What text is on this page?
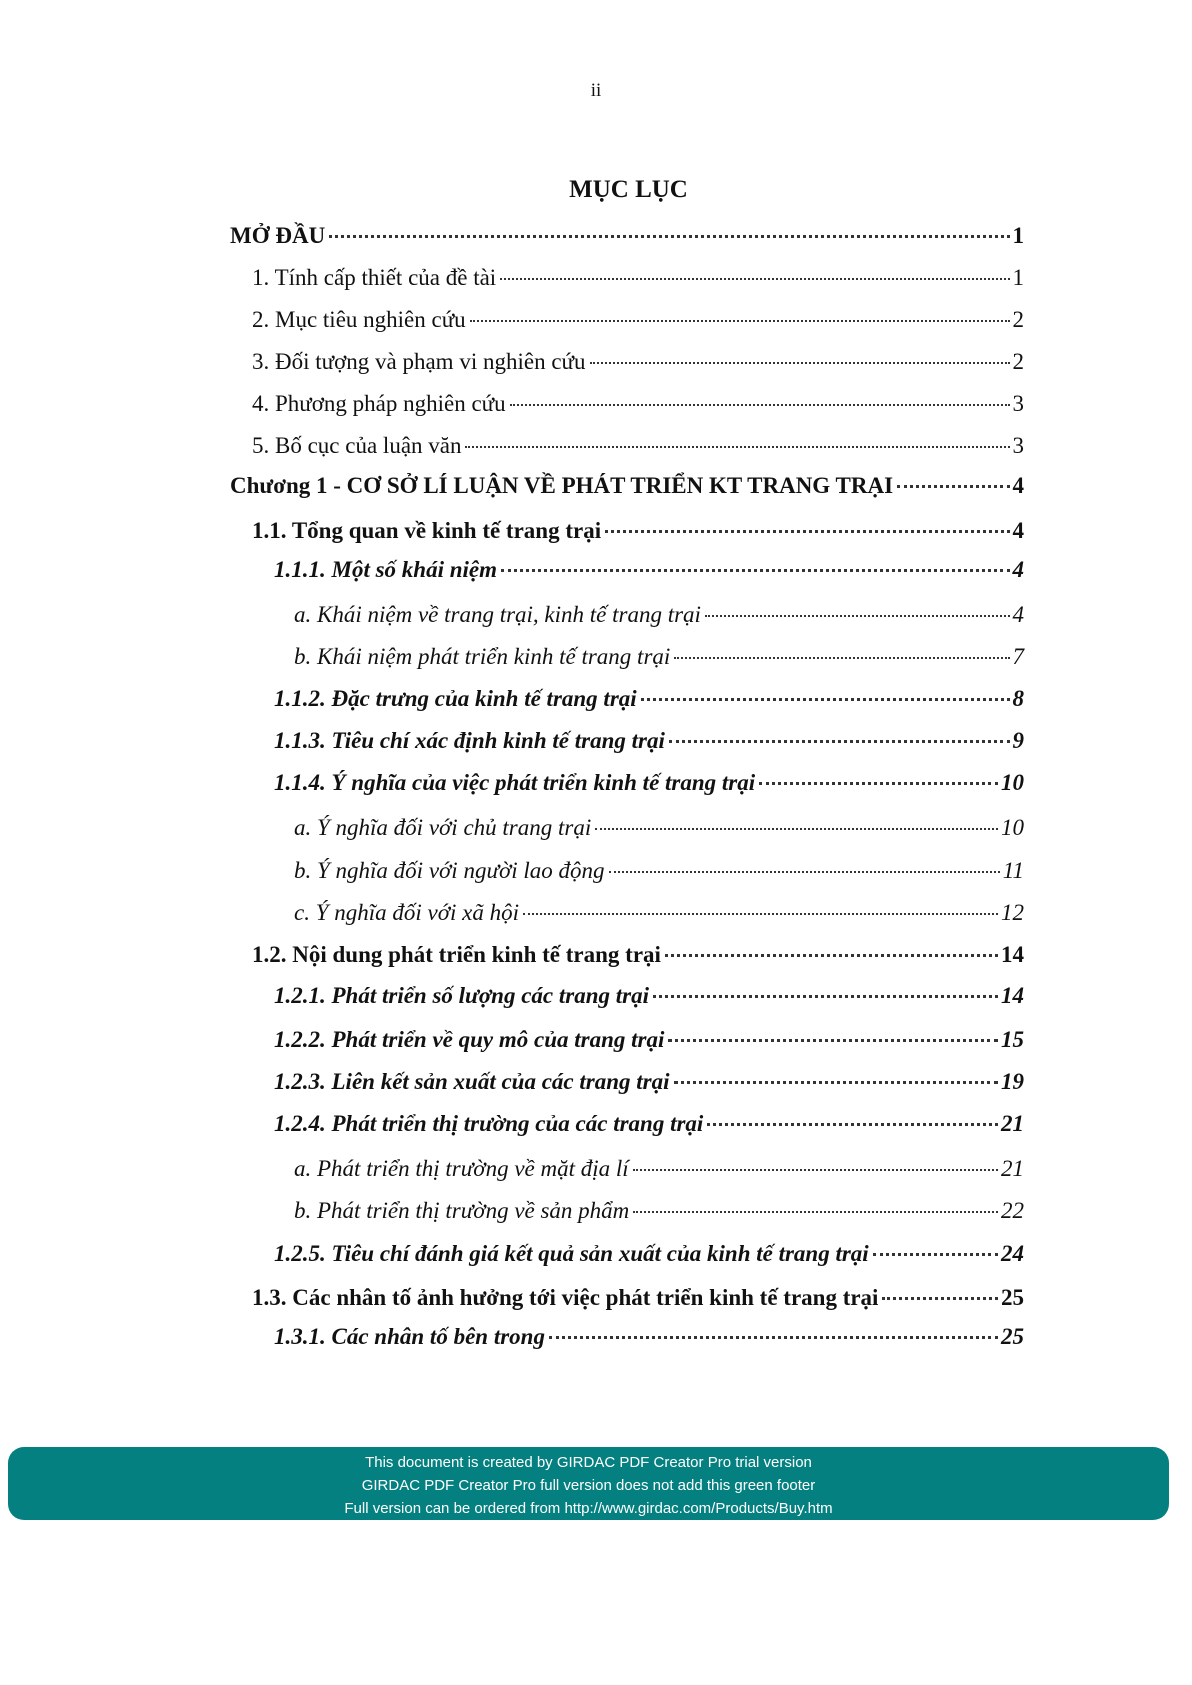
ii
MỤC LỤC
MỞ ĐẦU	1
1. Tính cấp thiết của đề tài	1
2. Mục tiêu nghiên cứu	2
3. Đối tượng và phạm vi nghiên cứu	2
4. Phương pháp nghiên cứu	3
5. Bố cục của luận văn	3
Chương 1 - CƠ SỞ LÍ LUẬN VỀ PHÁT TRIỂN KT TRANG TRẠI	4
1.1. Tổng quan về kinh tế trang trại	4
1.1.1. Một số khái niệm	4
a. Khái niệm về trang trại, kinh tế trang trại	4
b. Khái niệm phát triển kinh tế trang trại	7
1.1.2. Đặc trưng của kinh tế trang trại	8
1.1.3. Tiêu chí xác định kinh tế trang trại	9
1.1.4. Ý nghĩa của việc phát triển kinh tế trang trại	10
a. Ý nghĩa đối với chủ trang trại	10
b. Ý nghĩa đối với người lao động	11
c. Ý nghĩa đối với xã hội	12
1.2. Nội dung phát triển kinh tế trang trại	14
1.2.1. Phát triển số lượng các trang trại	14
1.2.2. Phát triển về quy mô của trang trại	15
1.2.3. Liên kết sản xuất của các trang trại	19
1.2.4. Phát triển thị trường của các trang trại	21
a. Phát triển thị trường về mặt địa lí	21
b. Phát triển thị trường về sản phẩm	22
1.2.5. Tiêu chí đánh giá kết quả sản xuất của kinh tế trang trại	24
1.3. Các nhân tố ảnh hưởng tới việc phát triển kinh tế trang trại	25
1.3.1. Các nhân tố bên trong	25
This document is created by GIRDAC PDF Creator Pro trial version
GIRDAC PDF Creator Pro full version does not add this green footer
Full version can be ordered from http://www.girdac.com/Products/Buy.htm
